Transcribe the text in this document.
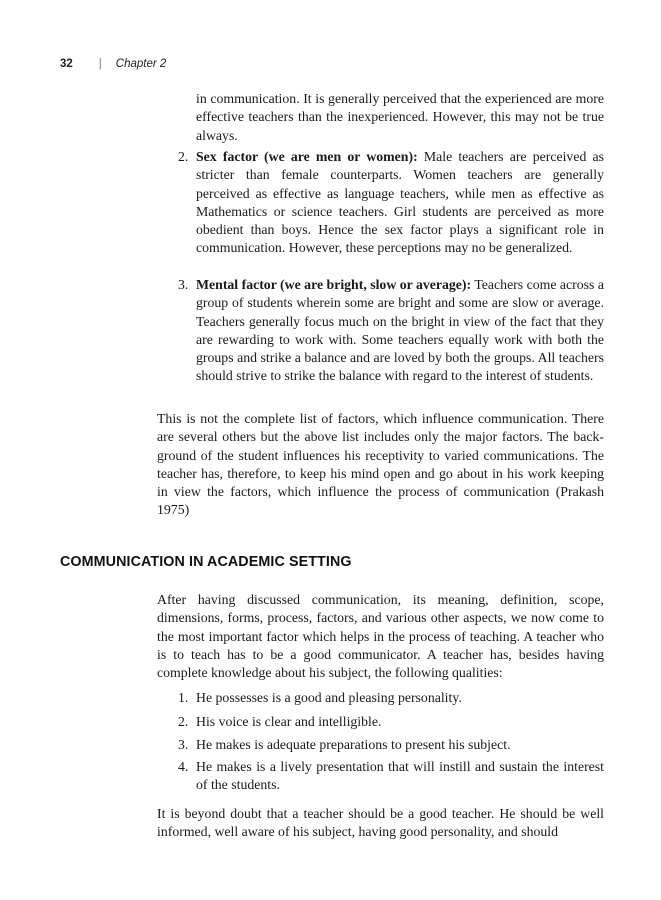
32 | Chapter 2
in communication. It is generally perceived that the experienced are more effective teachers than the inexperienced. However, this may not be true always.
2. Sex factor (we are men or women): Male teachers are perceived as stricter than female counterparts. Women teachers are generally perceived as effective as language teachers, while men as effective as Mathematics or science teachers. Girl students are perceived as more obedient than boys. Hence the sex factor plays a significant role in communication. However, these perceptions may no be generalized.
3. Mental factor (we are bright, slow or average): Teachers come across a group of students wherein some are bright and some are slow or average. Teachers generally focus much on the bright in view of the fact that they are rewarding to work with. Some teachers equally work with both the groups and strike a balance and are loved by both the groups. All teachers should strive to strike the balance with regard to the interest of students.

This is not the complete list of factors, which influence communication. There are several others but the above list includes only the major factors. The back-ground of the student influences his receptivity to varied communications. The teacher has, therefore, to keep his mind open and go about in his work keeping in view the factors, which influence the process of communication (Prakash 1975)

COMMUNICATION IN ACADEMIC SETTING

After having discussed communication, its meaning, definition, scope, dimensions, forms, process, factors, and various other aspects, we now come to the most important factor which helps in the process of teaching. A teacher who is to teach has to be a good communicator. A teacher has, besides having complete knowledge about his subject, the following qualities:

1. He possesses is a good and pleasing personality.
2. His voice is clear and intelligible.
3. He makes is adequate preparations to present his subject.
4. He makes is a lively presentation that will instill and sustain the interest of the students.

It is beyond doubt that a teacher should be a good teacher. He should be well informed, well aware of his subject, having good personality, and should
